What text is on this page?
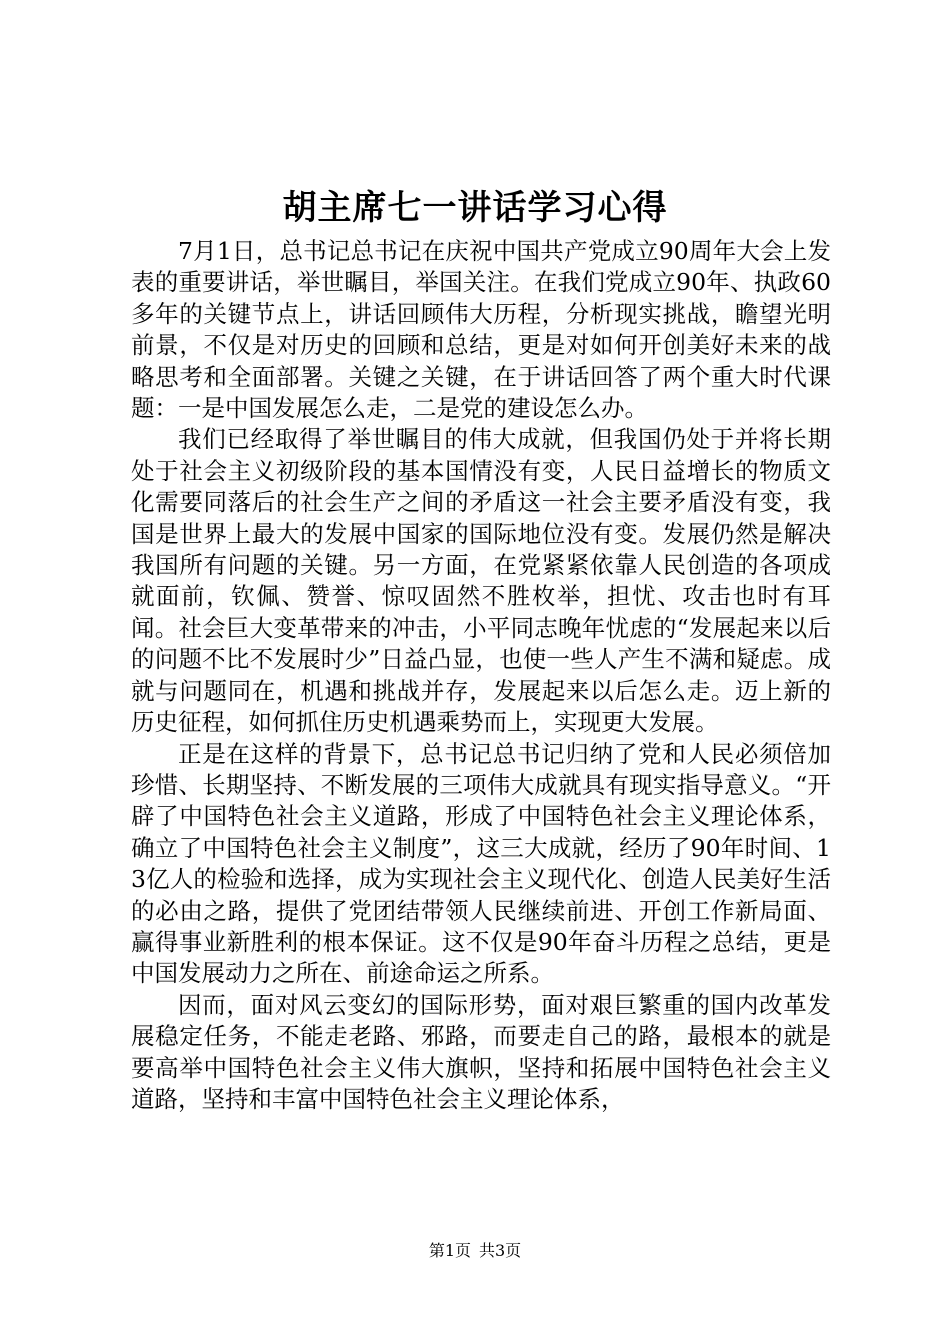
胡主席七一讲话学习心得

7月1日，总书记总书记在庆祝中国共产党成立90周年大会上发表的重要讲话，举世瞩目，举国关注。在我们党成立90年、执政60多年的关键节点上，讲话回顾伟大历程，分析现实挑战，瞻望光明前景，不仅是对历史的回顾和总结，更是对如何开创美好未来的战略思考和全面部署。关键之关键，在于讲话回答了两个重大时代课题：一是中国发展怎么走，二是党的建设怎么办。

我们已经取得了举世瞩目的伟大成就，但我国仍处于并将长期处于社会主义初级阶段的基本国情没有变，人民日益增长的物质文化需要同落后的社会生产之间的矛盾这一社会主要矛盾没有变，我国是世界上最大的发展中国家的国际地位没有变。发展仍然是解决我国所有问题的关键。另一方面，在党紧紧依靠人民创造的各项成就面前，钦佩、赞誉、惊叹固然不胜枚举，担忧、攻击也时有耳闻。社会巨大变革带来的冲击，小平同志晚年忧虑的“发展起来以后的问题不比不发展时少”日益凸显，也使一些人产生不满和疑虑。成就与问题同在，机遇和挑战并存，发展起来以后怎么走。迈上新的历史征程，如何抓住历史机遇乘势而上，实现更大发展。

正是在这样的背景下，总书记总书记归纳了党和人民必须倍加珍惜、长期坚持、不断发展的三项伟大成就具有现实指导意义。“开辟了中国特色社会主义道路，形成了中国特色社会主义理论体系，确立了中国特色社会主义制度”，这三大成就，经历了90年时间、13亿人的检验和选择，成为实现社会主义现代化、创造人民美好生活的必由之路，提供了党团结带领人民继续前进、开创工作新局面、赢得事业新胜利的根本保证。这不仅是90年奋斗历程之总结，更是中国发展动力之所在、前途命运之所系。

因而，面对风云变幻的国际形势，面对艰巨繁重的国内改革发展稳定任务，不能走老路、邪路，而要走自己的路，最根本的就是要高举中国特色社会主义伟大旗帜，坚持和拓展中国特色社会主义道路，坚持和丰富中国特色社会主义理论体系，

第1页 共3页
